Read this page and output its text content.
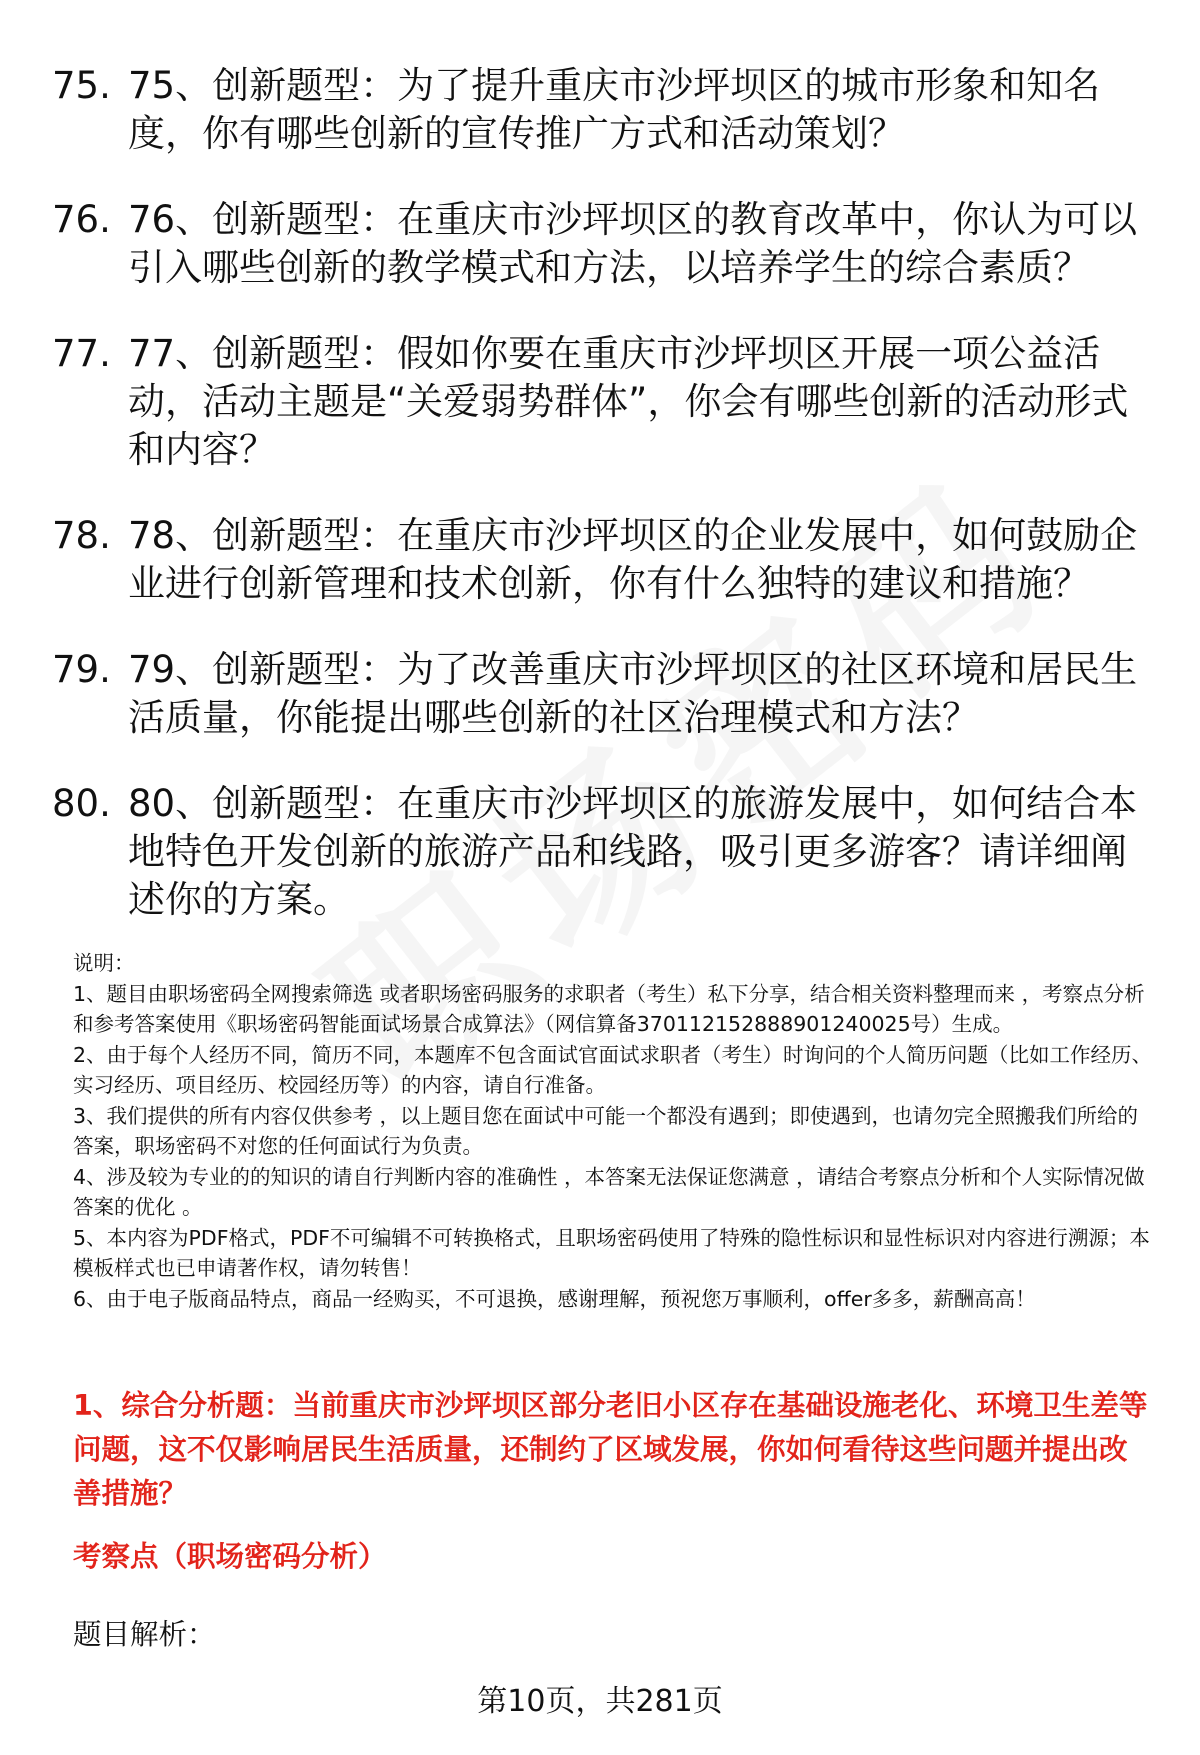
75. 75、创新题型：为了提升重庆市沙坪坝区的城市形象和知名度，你有哪些创新的宣传推广方式和活动策划？
76. 76、创新题型：在重庆市沙坪坝区的教育改革中，你认为可以引入哪些创新的教学模式和方法，以培养学生的综合素质？
77. 77、创新题型：假如你要在重庆市沙坪坝区开展一项公益活动，活动主题是“关爱弱势群体”，你会有哪些创新的活动形式和内容？
78. 78、创新题型：在重庆市沙坪坝区的企业发展中，如何鼓励企业进行创新管理和技术创新，你有什么独特的建议和措施？
79. 79、创新题型：为了改善重庆市沙坪坝区的社区环境和居民生活质量，你能提出哪些创新的社区治理模式和方法？
80. 80、创新题型：在重庆市沙坪坝区的旅游发展中，如何结合本地特色开发创新的旅游产品和线路，吸引更多游客？请详细阐述你的方案。

说明：

1、题目由职场密码全网搜索筛选 或者职场密码服务的求职者（考生）私下分享，结合相关资料整理而来 ，考察点分析和参考答案使用《职场密码智能面试场景合成算法》（网信算备370112152888901240025号）生成。

2、由于每个人经历不同，简历不同，本题库不包含面试官面试求职者（考生）时询问的个人简历问题（比如工作经历、实习经历、项目经历、校园经历等）的内容，请自行准备。

3、我们提供的所有内容仅供参考 ，以上题目您在面试中可能一个都没有遇到；即使遇到，也请勿完全照搬我们所给的答案，职场密码不对您的任何面试行为负责。

4、涉及较为专业的的知识的请自行判断内容的准确性 ，本答案无法保证您满意 ，请结合考察点分析和个人实际情况做答案的优化 。

5、本内容为PDF格式，PDF不可编辑不可转换格式，且职场密码使用了特殊的隐性标识和显性标识对内容进行溯源；本模板样式也已申请著作权，请勿转售！

6、由于电子版商品特点，商品一经购买，不可退换，感谢理解，预祝您万事顺利，offer多多，薪酬高高！

1、综合分析题：当前重庆市沙坪坝区部分老旧小区存在基础设施老化、环境卫生差等问题，这不仅影响居民生活质量，还制约了区域发展，你如何看待这些问题并提出改善措施？
考察点（职场密码分析）
题目解析：
第10页，共281页
